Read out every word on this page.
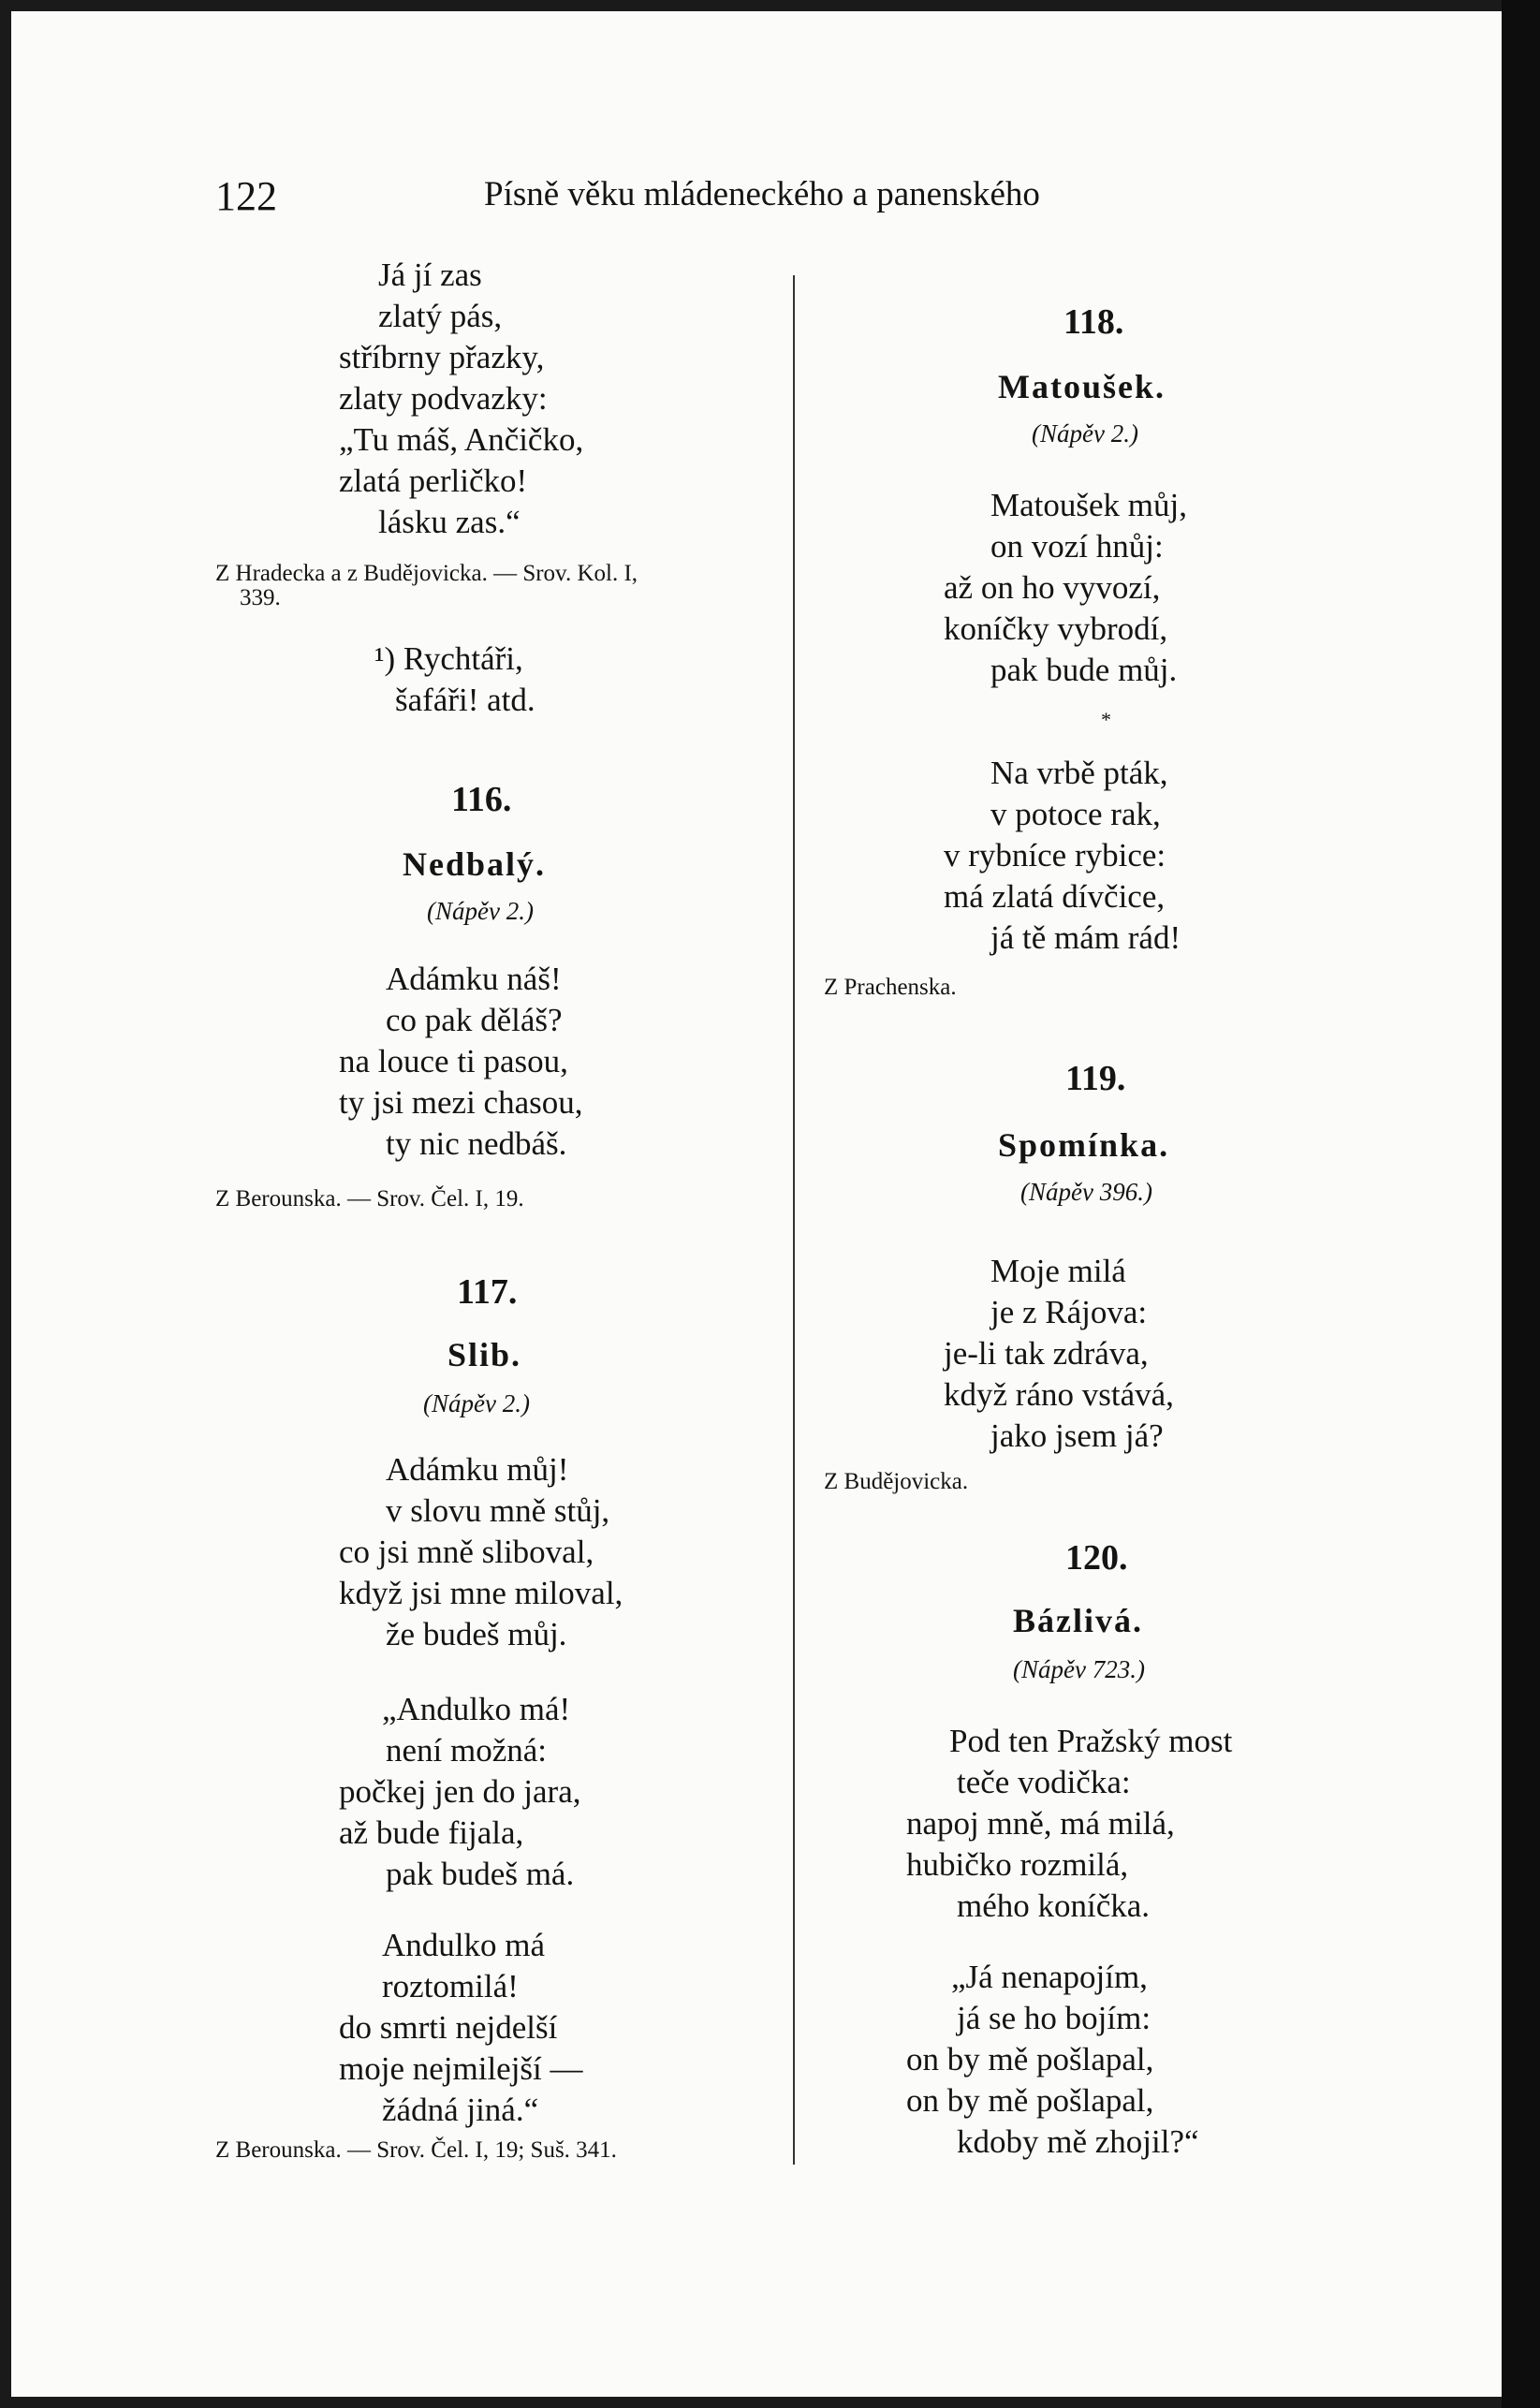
122	Písně věku mládeneckého a panenského
Já jí zas
zlatý pás,
stříbrny přazky,
zlaty podvazky:
„Tu máš, Ančičko,
zlatá perličko!
lásku zas.“
Z Hradecka a z Budějovicka. — Srov. Kol. I,
339.
¹) Rychtáři,
šafáři! atd.
116.
Nedbalý.
(Nápěv 2.)
Adámku náš!
co pak děláš?
na louce ti pasou,
ty jsi mezi chasou,
ty nic nedbáš.
Z Berounska. — Srov. Čel. I, 19.
117.
Slib.
(Nápěv 2.)
Adámku můj!
v slovu mně stůj,
co jsi mně sliboval,
když jsi mne miloval,
že budeš můj.
„Andulko má!
není možná:
počkej jen do jara,
až bude fijala,
pak budeš má.
Andulko má
roztomilá!
do smrti nejdelší
moje nejmilejší —
žádná jiná.“
Z Berounska. — Srov. Čel. I, 19; Suš. 341.
118.
Matoušek.
(Nápěv 2.)
Matoušek můj,
on vozí hnůj:
až on ho vyvozí,
koníčky vybrodí,
pak bude můj.
*
Na vrbě pták,
v potoce rak,
v rybníce rybice:
má zlatá dívčice,
já tě mám rád!
Z Prachenska.
119.
Spomínka.
(Nápěv 396.)
Moje milá
je z Rájova:
je-li tak zdráva,
když ráno vstává,
jako jsem já?
Z Budějovicka.
120.
Bázlivá.
(Nápěv 723.)
Pod ten Pražský most
teče vodička:
napoj mně, má milá,
hubičko rozmilá,
mého koníčka.
„Já nenapojím,
já se ho bojím:
on by mě pošlapal,
on by mě pošlapal,
kdoby mě zhojil?“
